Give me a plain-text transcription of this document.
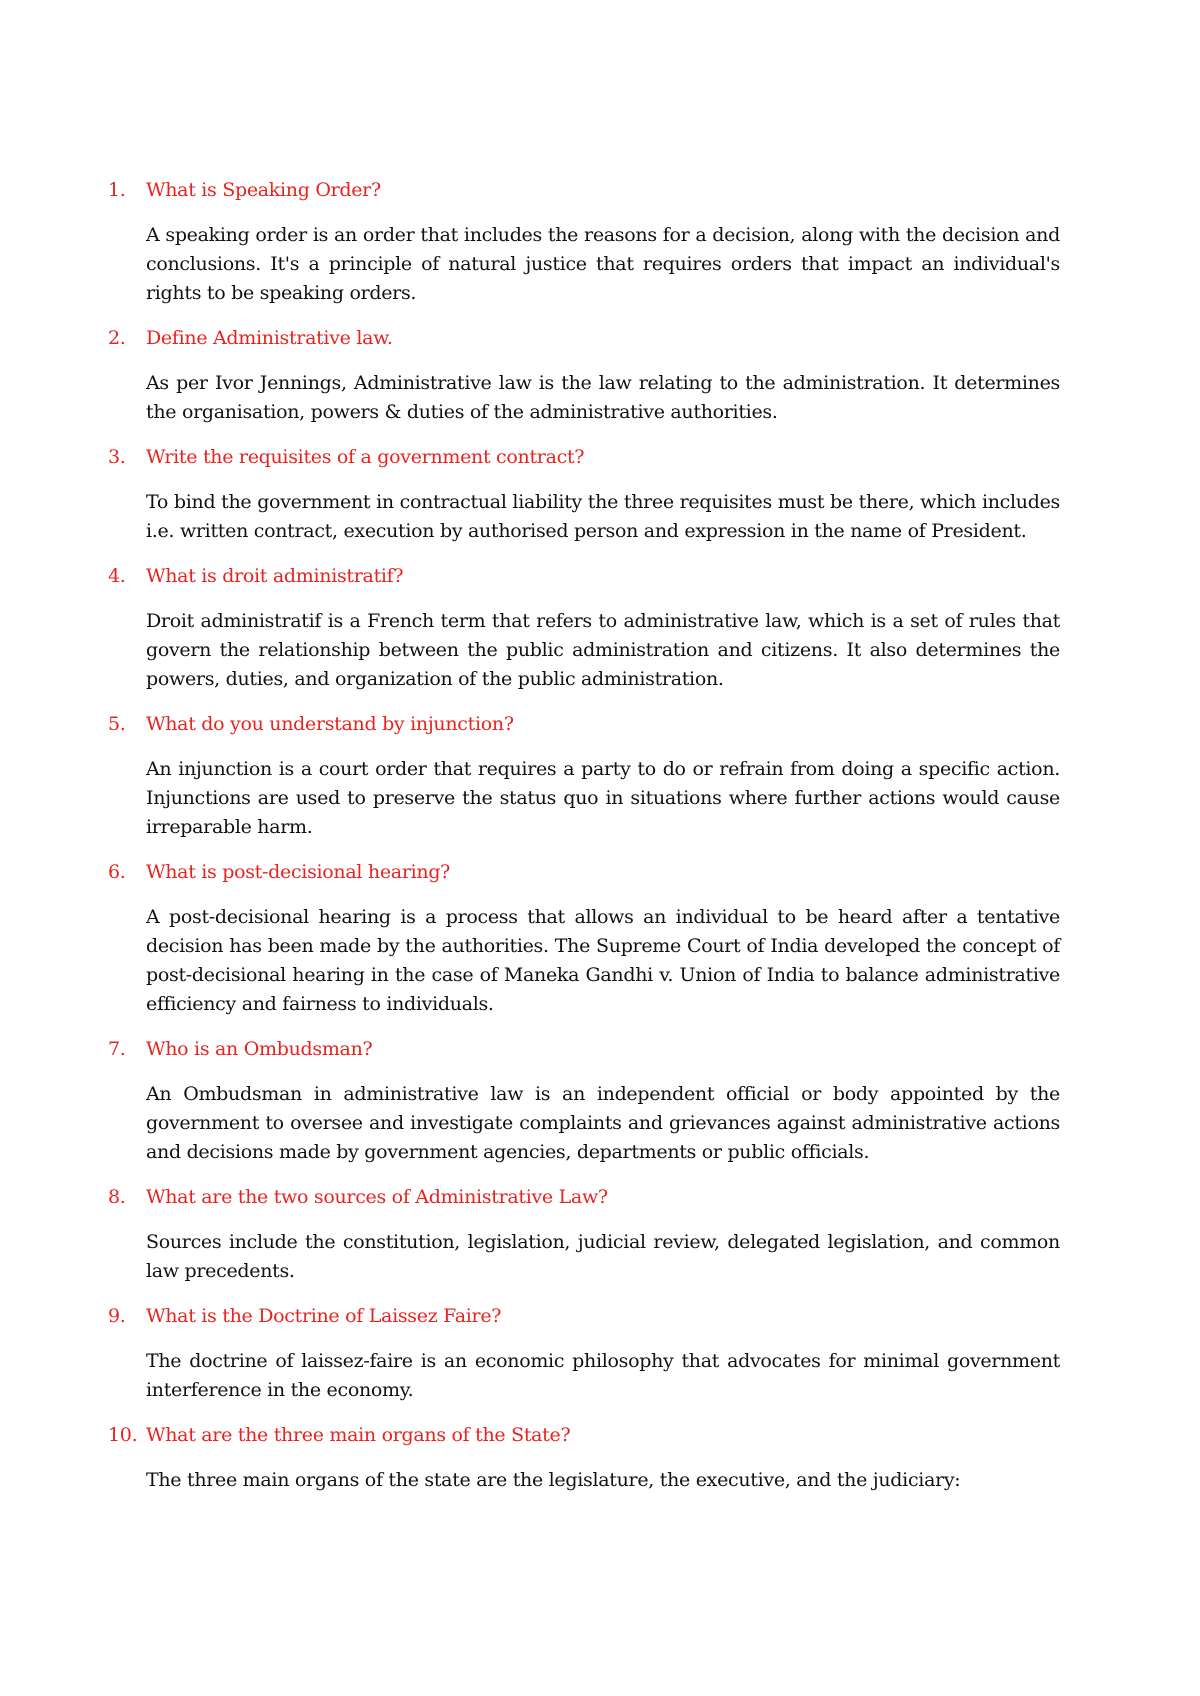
1.	What is Speaking Order?

A speaking order is an order that includes the reasons for a decision, along with the decision and conclusions. It's a principle of natural justice that requires orders that impact an individual's rights to be speaking orders.

2.	Define Administrative law.

As per Ivor Jennings, Administrative law is the law relating to the administration. It determines the organisation, powers & duties of the administrative authorities.

3.	Write the requisites of a government contract?

To bind the government in contractual liability the three requisites must be there, which includes i.e. written contract, execution by authorised person and expression in the name of President.

4.	What is droit administratif?

Droit administratif is a French term that refers to administrative law, which is a set of rules that govern the relationship between the public administration and citizens. It also determines the powers, duties, and organization of the public administration.

5.	What do you understand by injunction?

An injunction is a court order that requires a party to do or refrain from doing a specific action. Injunctions are used to preserve the status quo in situations where further actions would cause irreparable harm.

6.	What is post-decisional hearing?

A post-decisional hearing is a process that allows an individual to be heard after a tentative decision has been made by the authorities. The Supreme Court of India developed the concept of post-decisional hearing in the case of Maneka Gandhi v. Union of India to balance administrative efficiency and fairness to individuals.

7.	Who is an Ombudsman?

An Ombudsman in administrative law is an independent official or body appointed by the government to oversee and investigate complaints and grievances against administrative actions and decisions made by government agencies, departments or public officials.

8.	What are the two sources of Administrative Law?

Sources include the constitution, legislation, judicial review, delegated legislation, and common law precedents.

9.	What is the Doctrine of Laissez Faire?

The doctrine of laissez-faire is an economic philosophy that advocates for minimal government interference in the economy.

10. What are the three main organs of the State?

The three main organs of the state are the legislature, the executive, and the judiciary:
